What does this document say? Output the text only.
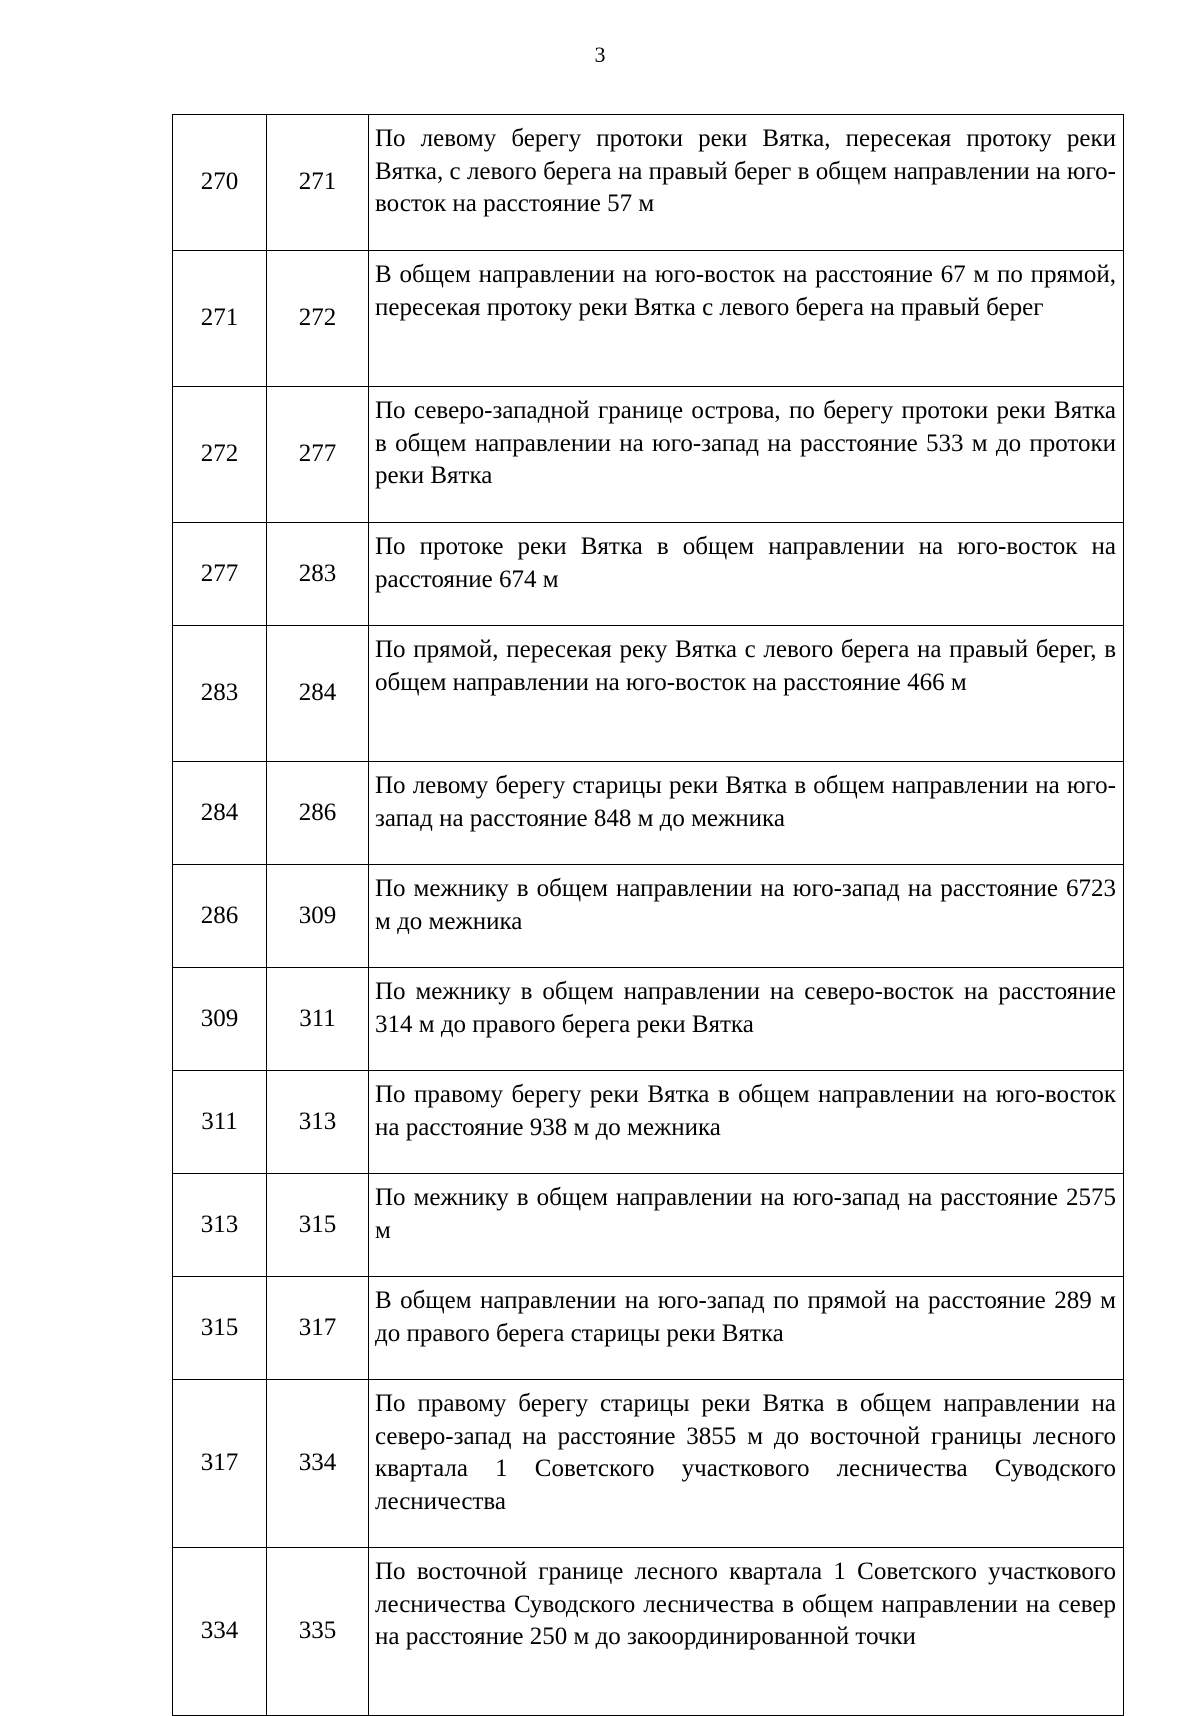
3
270	271	По левому берегу протоки реки Вятка, пересекая протоку реки Вятка, с левого берега на правый берег в общем направлении на юго-восток на расстояние 57 м
271	272	В общем направлении на юго-восток на расстояние 67 м по прямой, пересекая протоку реки Вятка с левого берега на правый берег
272	277	По северо-западной границе острова, по берегу протоки реки Вятка в общем направлении на юго-запад на расстояние 533 м до протоки реки Вятка
277	283	По протоке реки Вятка в общем направлении на юго-восток на расстояние 674 м
283	284	По прямой, пересекая реку Вятка с левого берега на правый берег, в общем направлении на юго-восток на расстояние 466 м
284	286	По левому берегу старицы реки Вятка в общем направлении на юго-запад на расстояние 848 м до межника
286	309	По межнику в общем направлении на юго-запад на расстояние 6723 м до межника
309	311	По межнику в общем направлении на северо-восток на расстояние 314 м до правого берега реки Вятка
311	313	По правому берегу реки Вятка в общем направлении на юго-восток на расстояние 938 м до межника
313	315	По межнику в общем направлении на юго-запад на расстояние 2575 м
315	317	В общем направлении на юго-запад по прямой на расстояние 289 м до правого берега старицы реки Вятка
317	334	По правому берегу старицы реки Вятка в общем направлении на северо-запад на расстояние 3855 м до восточной границы лесного квартала 1 Советского участкового лесничества Суводского лесничества
334	335	По восточной границе лесного квартала 1 Советского участкового лесничества Суводского лесничества в общем направлении на север на расстояние 250 м до закоординированной точки
